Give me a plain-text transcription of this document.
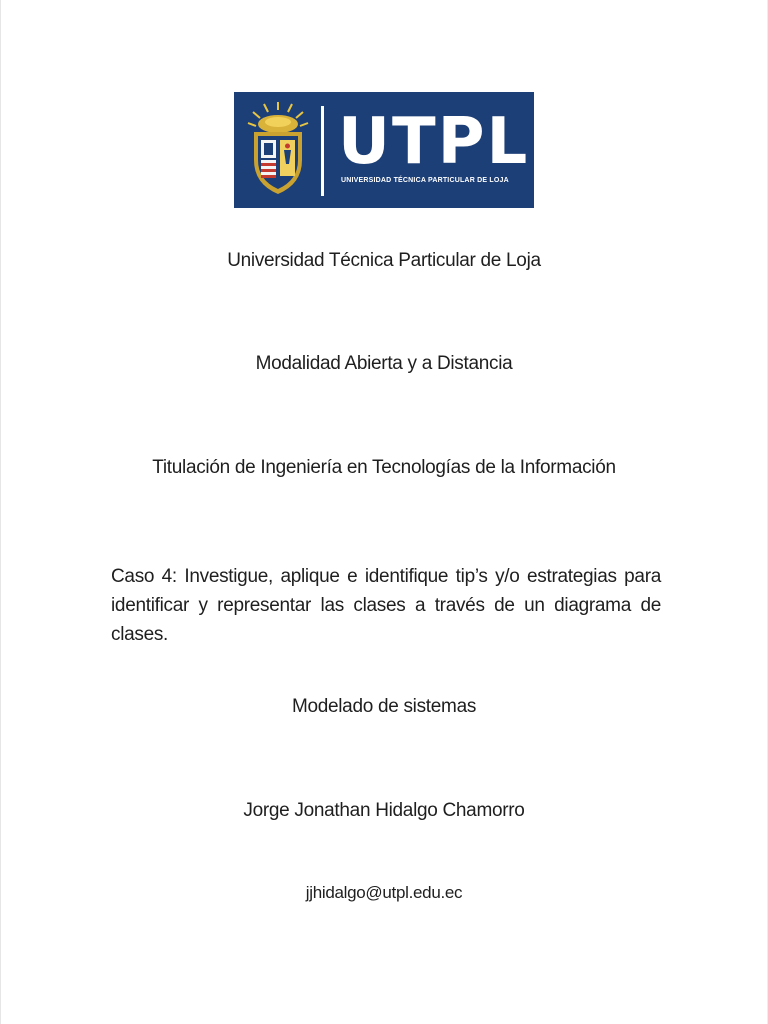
UTPL
UNIVERSIDAD TÉCNICA PARTICULAR DE LOJA
Universidad Técnica Particular de Loja
Modalidad Abierta y a Distancia
Titulación de Ingeniería en Tecnologías de la Información
Caso 4: Investigue, aplique e identifique tip’s y/o estrategias para identificar y representar las clases a través de un diagrama de clases.
Modelado de sistemas
Jorge Jonathan Hidalgo Chamorro
jjhidalgo@utpl.edu.ec
